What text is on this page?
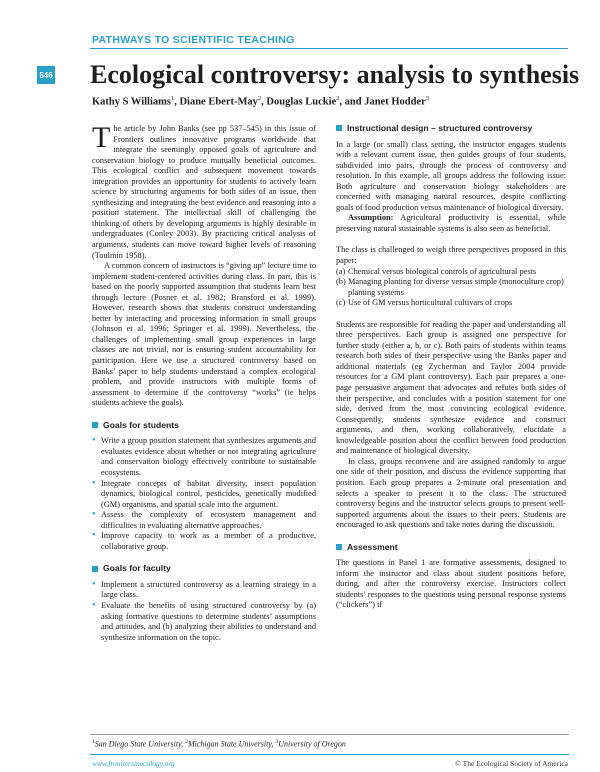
PATHWAYS TO SCIENTIFIC TEACHING
546 Ecological controversy: analysis to synthesis
Kathy S Williams$^1$, Diane Ebert-May$^2$, Douglas Luckie$^2$, and Janet Hodder$^3$

The article by John Banks (see pp 537–545) in this issue of Frontiers outlines innovative programs worldwide that integrate the seemingly opposed goals of agriculture and conservation biology to produce mutually beneficial outcomes. This ecological conflict and subsequent movement towards integration provides an opportunity for students to actively learn science by structuring arguments for both sides of an issue, then synthesizing and integrating the best evidence and reasoning into a position statement. The intellectual skill of challenging the thinking of others by developing arguments is highly desirable in undergraduates (Conley 2003). By practicing critical analysis of arguments, students can move toward higher levels of reasoning (Toulmin 1958).

A common concern of instructors is “giving up” lecture time to implement student-centered activities during class. In part, this is based on the poorly supported assumption that students learn best through lecture (Posner et al. 1982; Bransford et al. 1999). However, research shows that students construct understanding better by interacting and processing information in small groups (Johnson et al. 1996; Springer et al. 1999). Nevertheless, the challenges of implementing small group experiences in large classes are not trivial, nor is ensuring student accountability for participation. Here we use a structured controversy based on Banks’ paper to help students understand a complex ecological problem, and provide instructors with multiple forms of assessment to determine if the controversy “works” (ie helps students achieve the goals).

Goals for students
• Write a group position statement that synthesizes arguments and evaluates evidence about whether or not integrating agriculture and conservation biology effectively contribute to sustainable ecosystems.
• Integrate concepts of habitat diversity, insect population dynamics, biological control, pesticides, genetically modified (GM) organisms, and spatial scale into the argument.
• Assess the complexity of ecosystem management and difficulties in evaluating alternative approaches.
• Improve capacity to work as a member of a productive, collaborative group.
Goals for faculty
• Implement a structured controversy as a learning strategy in a large class.
• Evaluate the benefits of using structured controversy by (a) asking formative questions to determine students’ assumptions and attitudes, and (b) analyzing their abilities to understand and synthesize information on the topic.
Instructional design – structured controversy

In a large (or small) class setting, the instructor engages students with a relevant current issue, then guides groups of four students, subdivided into pairs, through the process of controversy and resolution. In this example, all groups address the following issue: Both agriculture and conservation biology stakeholders are concerned with managing natural resources, despite conflicting goals of food production versus maintenance of biological diversity.

Assumption: Agricultural productivity is essential, while preserving natural sustainable systems is also seen as beneficial.

The class is challenged to weigh three perspectives proposed in this paper:

(a) Chemical versus biological controls of agricultural pests
(b) Managing planting for diverse versus simple (monoculture crop) planting systems
(c) Use of GM versus horticultural cultivars of crops

Students are responsible for reading the paper and understanding all three perspectives. Each group is assigned one perspective for further study (either a, b, or c). Both pairs of students within teams research both sides of their perspective using the Banks paper and additional materials (eg Zycherman and Taylor 2004 provide resources for a GM plant controversy). Each pair prepares a one-page persuasive argument that advocates and refutes both sides of their perspective, and concludes with a position statement for one side, derived from the most convincing ecological evidence. Consequently, students synthesize evidence and construct arguments, and then, working collaboratively, elucidate a knowledgeable position about the conflict between food production and maintenance of biological diversity.

In class, groups reconvene and are assigned randomly to argue one side of their position, and discuss the evidence supporting that position. Each group prepares a 2-minute oral presentation and selects a speaker to present it to the class. The structured controversy begins and the instructor selects groups to present well-supported arguments about the issues to their peers. Students are encouraged to ask questions and take notes during the discussion.

Assessment

The questions in Panel 1 are formative assessments, designed to inform the instructor and class about student positions before, during, and after the controversy exercise. Instructors collect students’ responses to the questions using personal response systems (“clickers”) if

$^1$San Diego State University, $^2$Michigan State University, $^3$University of Oregon
www.frontiersinecology.org	© The Ecological Society of America
